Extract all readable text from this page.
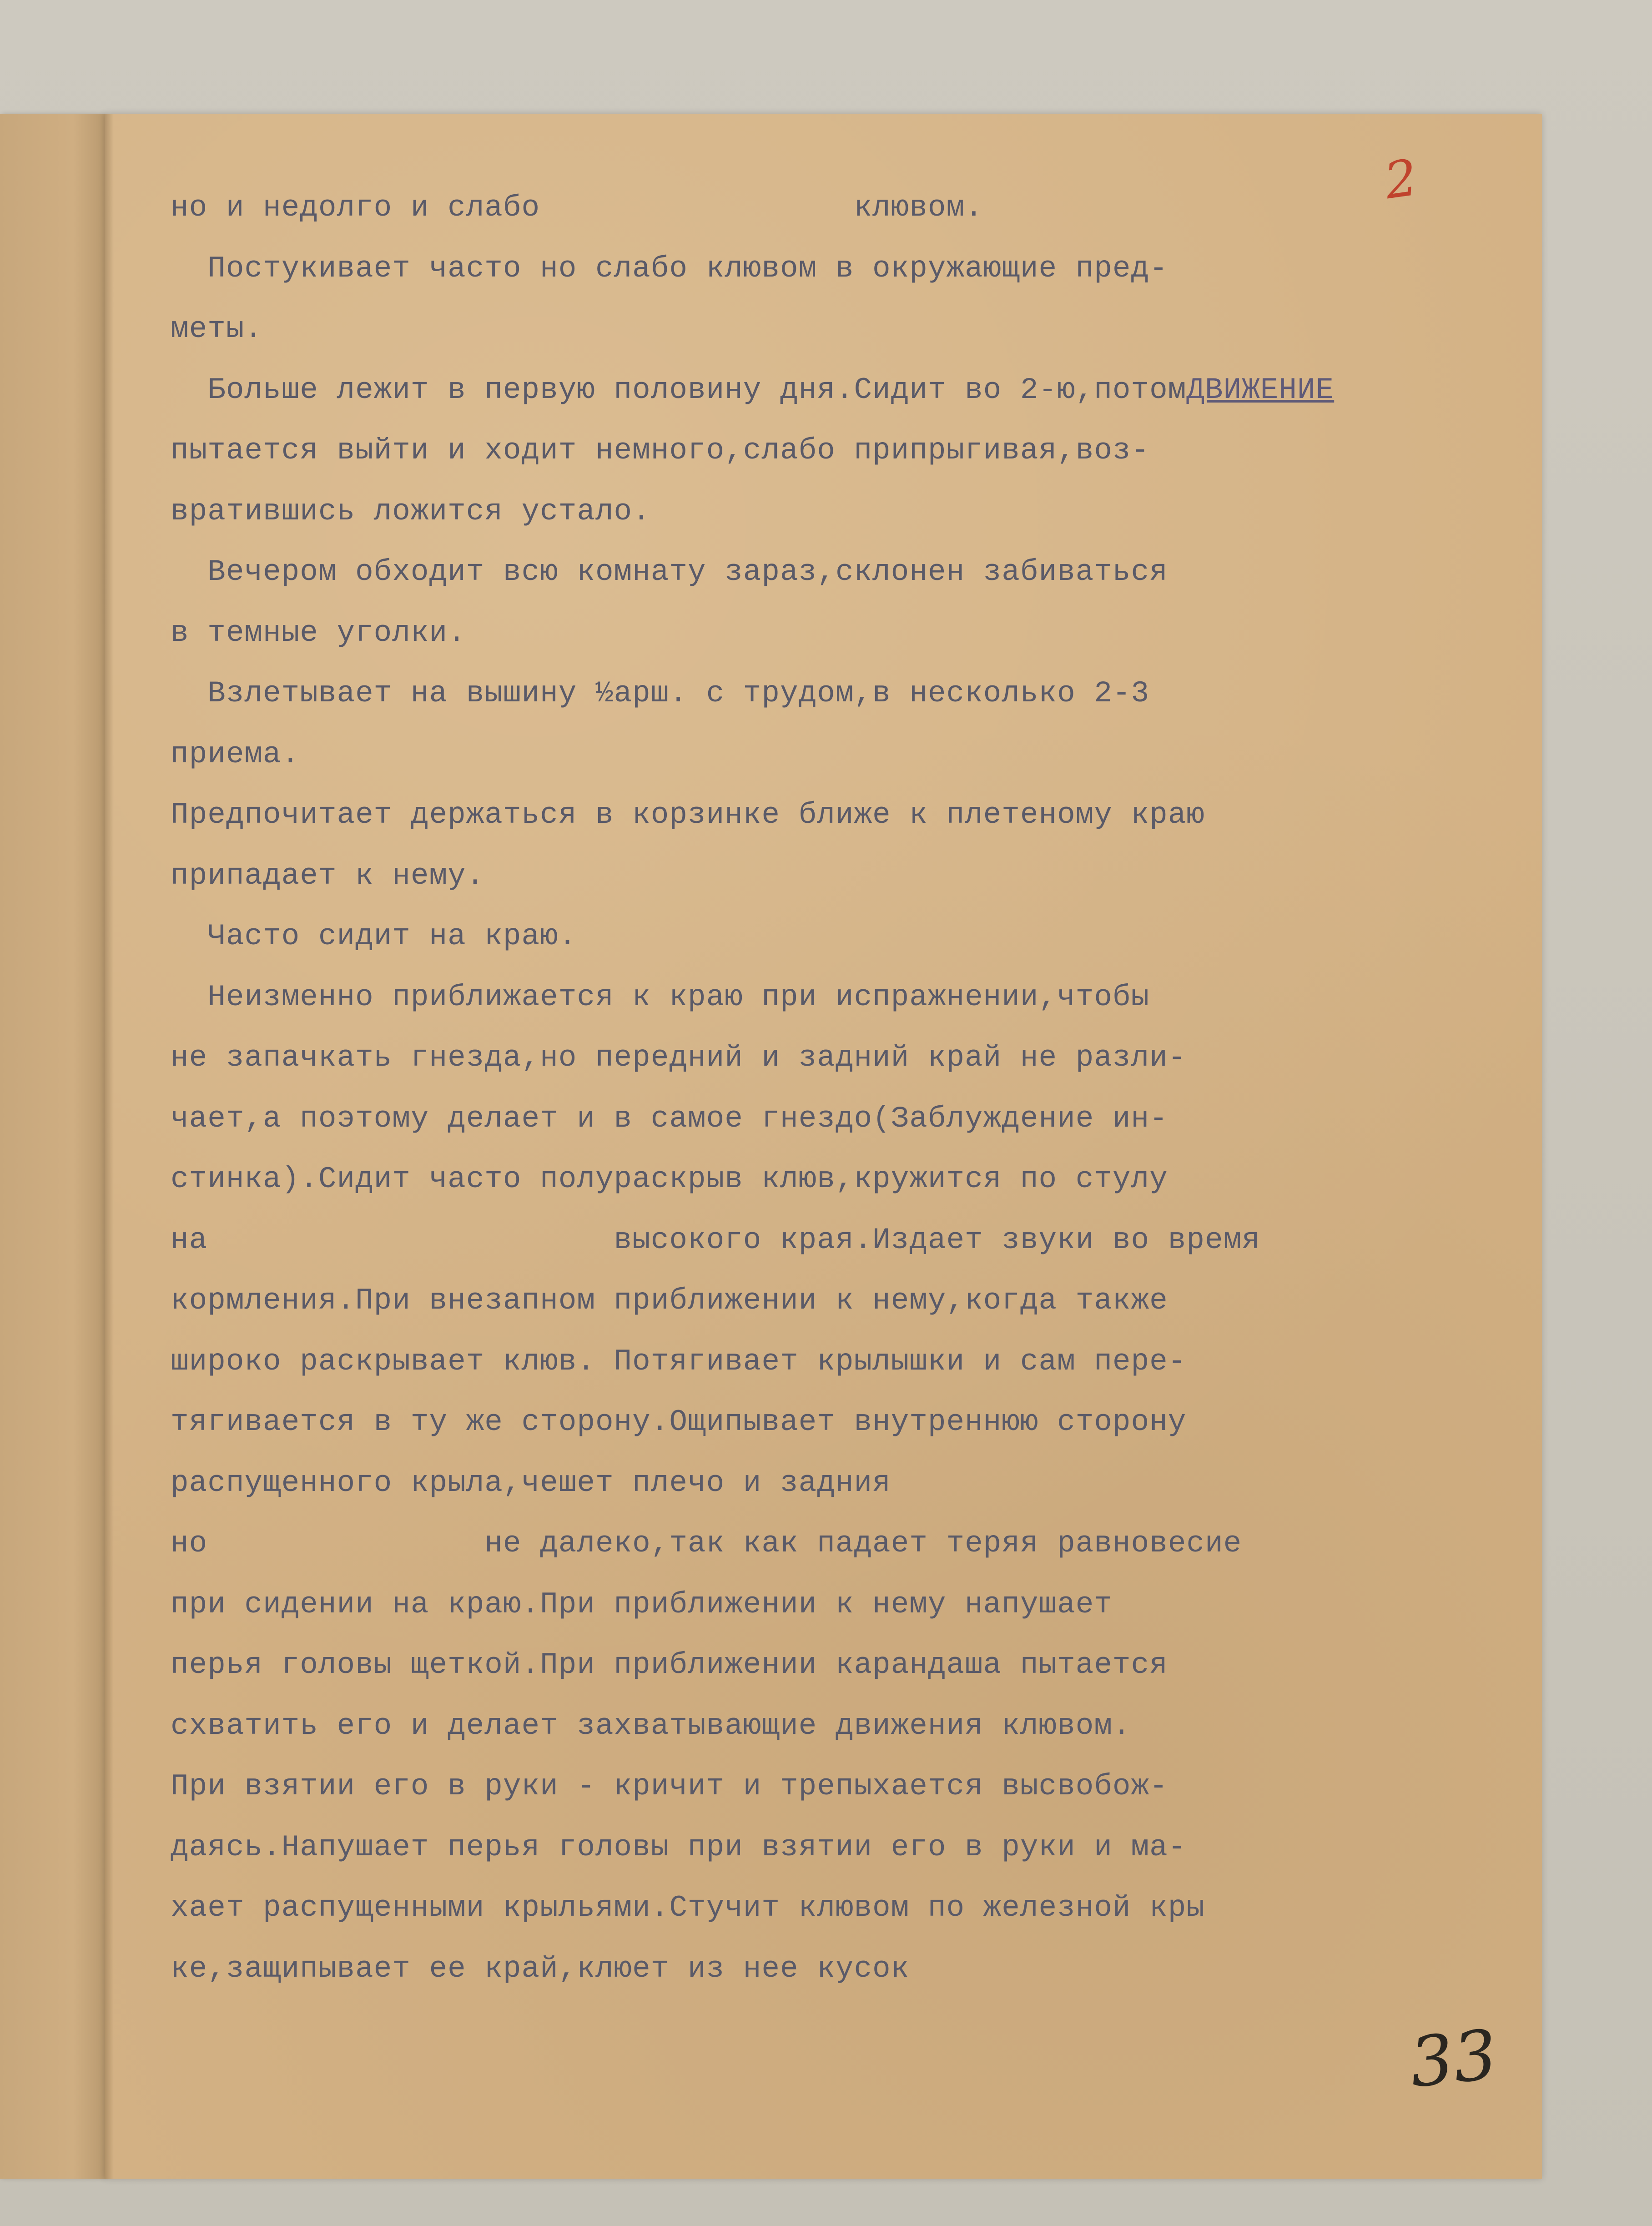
2
но и недолго и слабо                 клювом.
Постукивает часто но слабо клювом в окружающие пред-
меты.
Больше лежит в первую половину дня.Сидит во 2-ю,потомДВИЖЕНИЕ
пытается выйти и ходит немного,слабо припрыгивая,воз-
вратившись ложится устало.
Вечером обходит всю комнату зараз,склонен забиваться
в темные уголки.
Взлетывает на вышину ½арш. с трудом,в несколько 2-3
приема.
Предпочитает держаться в корзинке ближе к плетеному краю
припадает к нему.
Часто сидит на краю.
Неизменно приближается к краю при испражнении,чтобы
не запачкать гнезда,но передний и задний край не разли-
чает,а поэтому делает и в самое гнездо(Заблуждение ин-
стинка).Сидит часто полураскрыв клюв,кружится по стулу
на                      высокого края.Издает звуки во время
кормления.При внезапном приближении к нему,когда также
широко раскрывает клюв. Потягивает крылышки и сам пере-
тягивается в ту же сторону.Ощипывает внутреннюю сторону
распущенного крыла,чешет плечо и задния
но               не далеко,так как падает теряя равновесие
при сидении на краю.При приближении к нему напушает
перья головы щеткой.При приближении карандаша пытается
схватить его и делает захватывающие движения клювом.
При взятии его в руки - кричит и трепыхается высвобож-
даясь.Напушает перья головы при взятии его в руки и ма-
хает распущенными крыльями.Стучит клювом по железной кры
ке,защипывает ее край,клюет из нее кусок
33
